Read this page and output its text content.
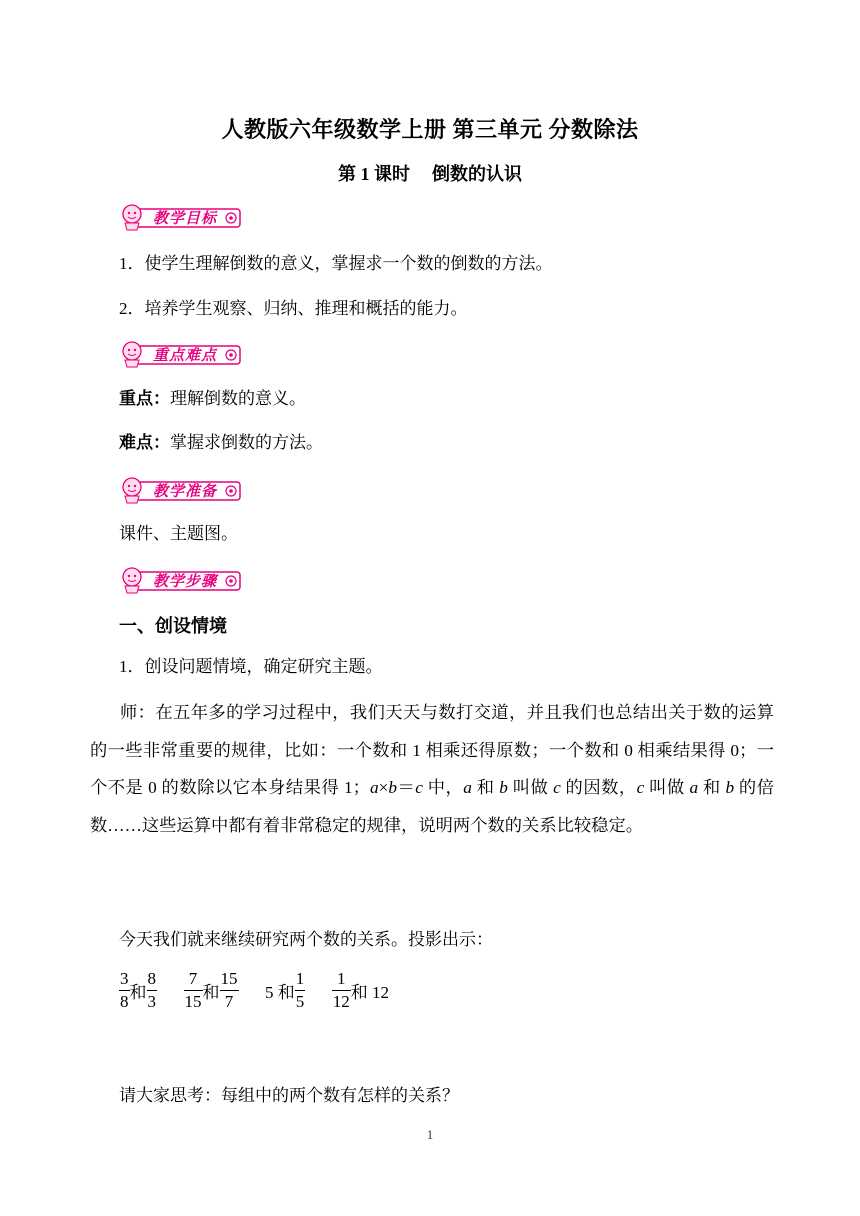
人教版六年级数学上册 第三单元 分数除法
第 1 课时 倒数的认识
教学目标
1．使学生理解倒数的意义，掌握求一个数的倒数的方法。
2．培养学生观察、归纳、推理和概括的能力。
重点难点
重点：理解倒数的意义。
难点：掌握求倒数的方法。
教学准备
课件、主题图。
教学步骤
一、创设情境
1．创设问题情境，确定研究主题。
师：在五年多的学习过程中，我们天天与数打交道，并且我们也总结出关于数的运算的一些非常重要的规律，比如：一个数和 1 相乘还得原数；一个数和 0 相乘结果得 0；一个不是 0 的数除以它本身结果得 1；a×b＝c 中，a 和 b 叫做 c 的因数，c 叫做 a 和 b 的倍数……这些运算中都有着非常稳定的规律，说明两个数的关系比较稳定。
今天我们就来继续研究两个数的关系。投影出示：
$\frac{3}{8}$ 和 $\frac{8}{3}$
$\frac{7}{15}$ 和 $\frac{15}{7} 5$ 和 $\frac{1}{5}$
$\frac{1}{12}$ 和 12
请大家思考：每组中的两个数有怎样的关系？
1
